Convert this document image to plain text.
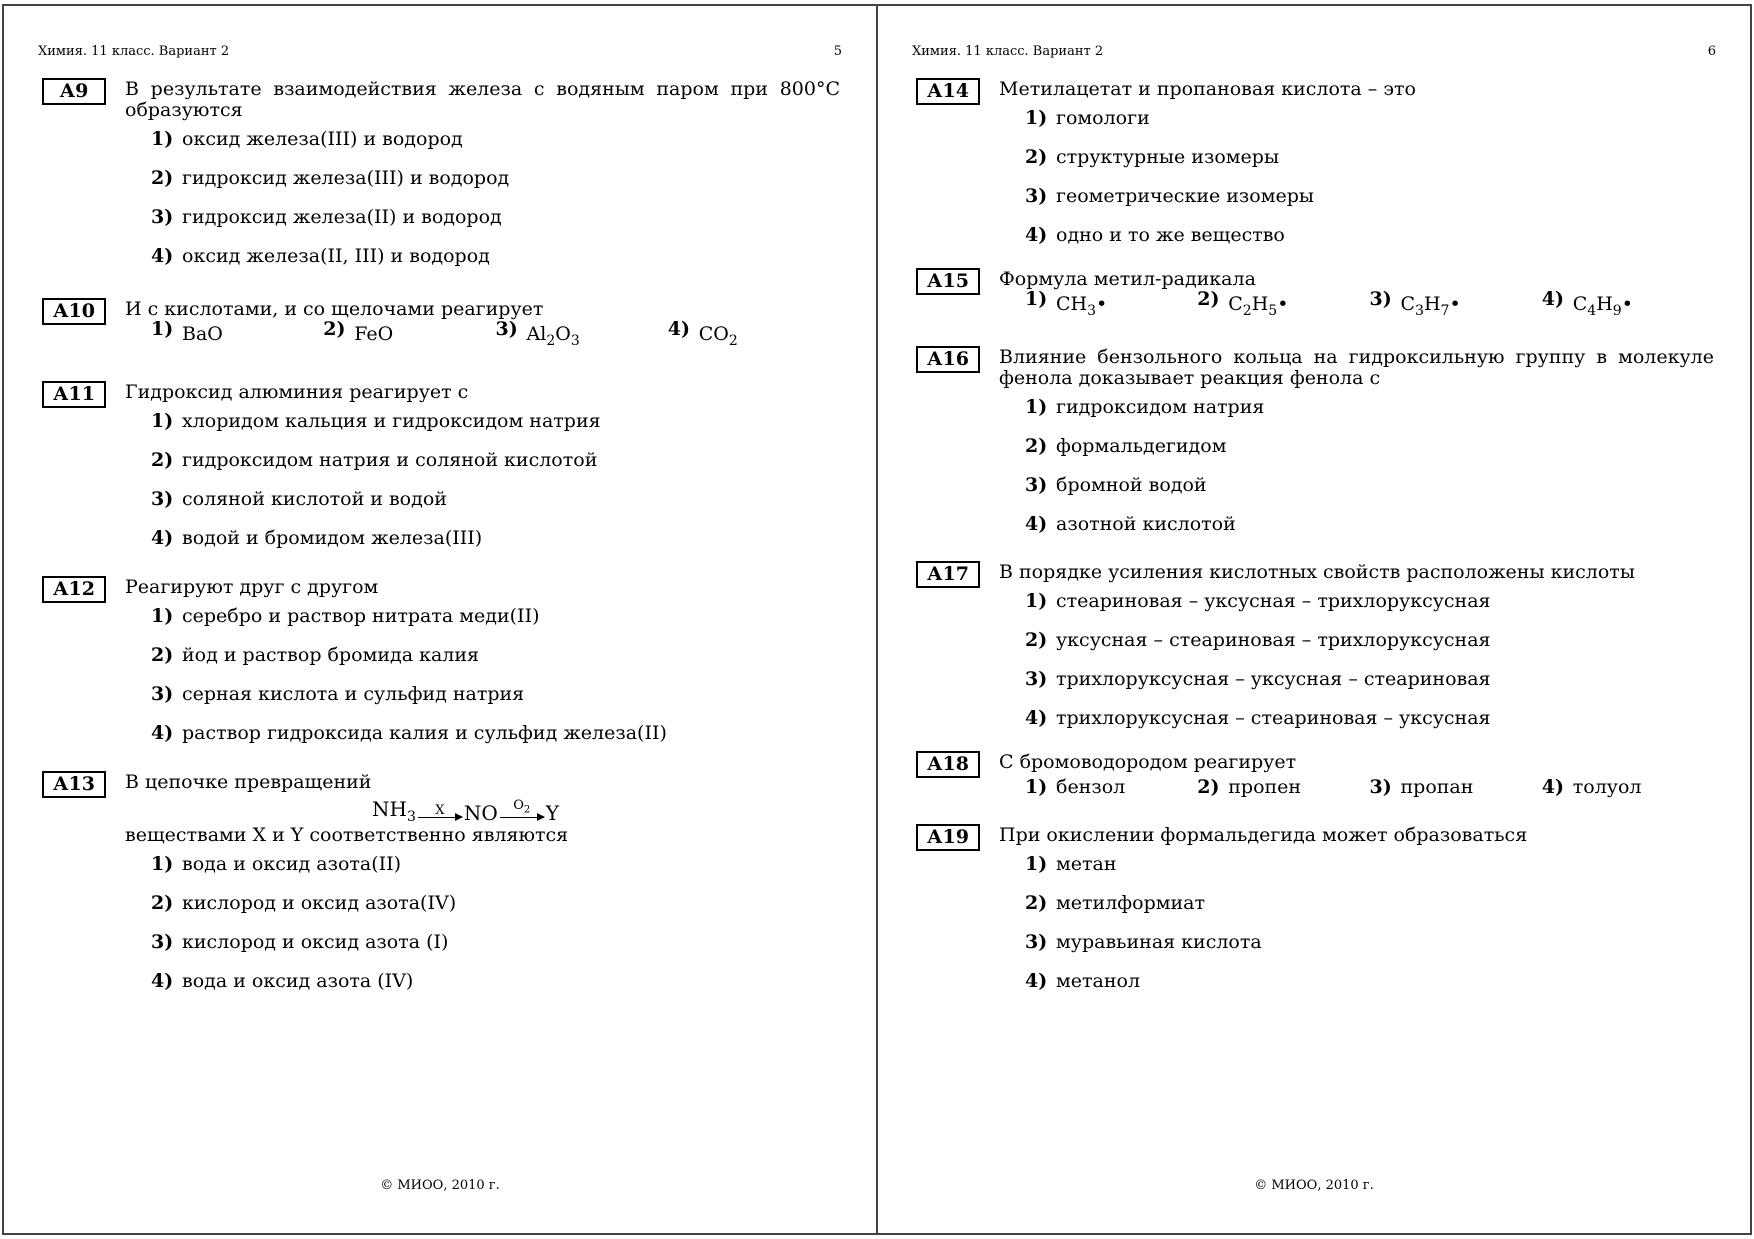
Химия. 11 класс. Вариант 2	5
А9	В результате взаимодействия железа с водяным паром при 800°С образуются
1) оксид железа(III) и водород
2) гидроксид железа(III) и водород
3) гидроксид железа(II) и водород
4) оксид железа(II, III) и водород
А10	И с кислотами, и со щелочами реагирует
1) BaO	2) FeO	3) $Al_2O_3$
4) $CO_2$
А11	Гидроксид алюминия реагирует с
1) хлоридом кальция и гидроксидом натрия
2) гидроксидом натрия и соляной кислотой
3) соляной кислотой и водой
4) водой и бромидом железа(III)
А12	Реагируют друг с другом
1) серебро и раствор нитрата меди(II)
2) йод и раствор бромида калия
3) серная кислота и сульфид натрия
4) раствор гидроксида калия и сульфид железа(II)
А13	В цепочке превращений
$NH_3$ X NO $O_2$ Y
веществами X и Y соответственно являются
1) вода и оксид азота(II)
2) кислород и оксид азота(IV)
3) кислород и оксид азота (I)
4) вода и оксид азота (IV)
© МИОО, 2010 г.
Химия. 11 класс. Вариант 2	6
А14	Метилацетат и пропановая кислота – это
1) гомологи
2) структурные изомеры
3) геометрические изомеры
4) одно и то же вещество
А15	Формула метил-радикала
1) $CH_3•$	2) $C_2H_5•$	3) $C_3H_7•$	4) $C_4H_9•$
А16	Влияние бензольного кольца на гидроксильную группу в молекуле фенола доказывает реакция фенола с
1) гидроксидом натрия
2) формальдегидом
3) бромной водой
4) азотной кислотой
А17	В порядке усиления кислотных свойств расположены кислоты
1) стеариновая – уксусная – трихлоруксусная
2) уксусная – стеариновая – трихлоруксусная
3) трихлоруксусная – уксусная – стеариновая
4) трихлоруксусная – стеариновая – уксусная
А18	С бромоводородом реагирует
1) бензол	2) пропен	3) пропан	4) толуол
А19	При окислении формальдегида может образоваться
1) метан
2) метилформиат
3) муравьиная кислота
4) метанол
© МИОО, 2010 г.
